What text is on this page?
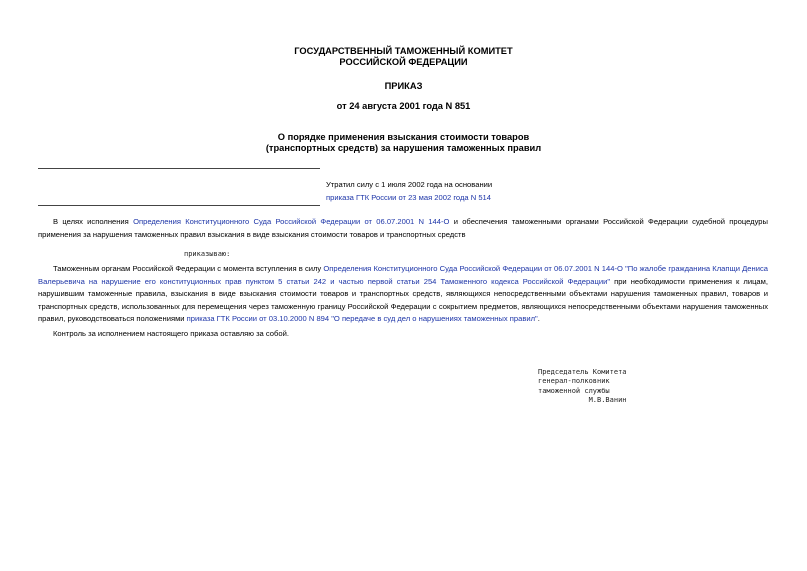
ГОСУДАРСТВЕННЫЙ ТАМОЖЕННЫЙ КОМИТЕТ
РОССИЙСКОЙ ФЕДЕРАЦИИ
ПРИКАЗ
от 24 августа 2001 года N 851
О порядке применения взыскания стоимости товаров
(транспортных средств) за нарушения таможенных правил
Утратил силу с 1 июля 2002 года на основании
приказа ГТК России от 23 мая 2002 года N 514

В целях исполнения Определения Конституционного Суда Российской Федерации от 06.07.2001 N 144-О и обеспечения таможенными органами Российской Федерации судебной процедуры применения за нарушения таможенных правил взыскания в виде взыскания стоимости товаров и транспортных средств

приказываю:

Таможенным органам Российской Федерации с момента вступления в силу Определения Конституционного Суда Российской Федерации от 06.07.2001 N 144-О "По жалобе гражданина Клапщи Дениса Валерьевича на нарушение его конституционных прав пунктом 5 статьи 242 и частью первой статьи 254 Таможенного кодекса Российской Федерации" при необходимости применения к лицам, нарушившим таможенные правила, взыскания в виде взыскания стоимости товаров и транспортных средств, являющихся непосредственными объектами нарушения таможенных правил, товаров и транспортных средств, использованных для перемещения через таможенную границу Российской Федерации с сокрытием предметов, являющихся непосредственными объектами нарушения таможенных правил, руководствоваться положениями приказа ГТК России от 03.10.2000 N 894 "О передаче в суд дел о нарушениях таможенных правил".

Контроль за исполнением настоящего приказа оставляю за собой.

Председатель Комитета
генерал-полковник
таможенной службы
М.В.Ванин
